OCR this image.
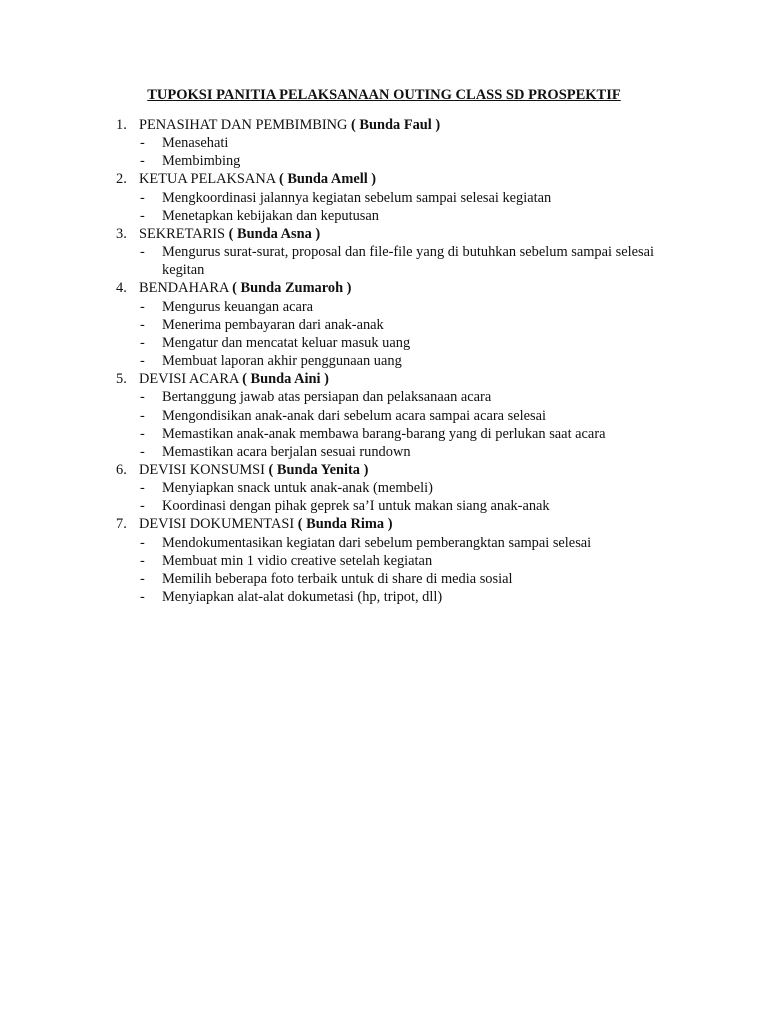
TUPOKSI PANITIA PELAKSANAAN OUTING CLASS SD PROSPEKTIF
1. PENASIHAT DAN PEMBIMBING ( Bunda Faul )
- Menasehati
- Membimbing
2. KETUA PELAKSANA ( Bunda Amell )
- Mengkoordinasi jalannya kegiatan sebelum sampai selesai kegiatan
- Menetapkan kebijakan dan keputusan
3. SEKRETARIS ( Bunda Asna )
- Mengurus surat-surat, proposal dan file-file yang di butuhkan sebelum sampai selesai kegitan
4. BENDAHARA ( Bunda Zumaroh )
- Mengurus keuangan acara
- Menerima pembayaran dari anak-anak
- Mengatur dan mencatat keluar masuk uang
- Membuat laporan akhir penggunaan uang
5. DEVISI ACARA ( Bunda Aini )
- Bertanggung jawab atas persiapan dan pelaksanaan acara
- Mengondisikan anak-anak dari sebelum acara sampai acara selesai
- Memastikan anak-anak membawa barang-barang yang di perlukan saat acara
- Memastikan acara berjalan sesuai rundown
6. DEVISI KONSUMSI ( Bunda Yenita )
- Menyiapkan snack untuk anak-anak (membeli)
- Koordinasi dengan pihak geprek sa’I untuk makan siang anak-anak
7. DEVISI DOKUMENTASI ( Bunda Rima )
- Mendokumentasikan kegiatan dari sebelum pemberangktan sampai selesai
- Membuat min 1 vidio creative setelah kegiatan
- Memilih beberapa foto terbaik untuk di share di media sosial
- Menyiapkan alat-alat dokumetasi (hp, tripot, dll)
